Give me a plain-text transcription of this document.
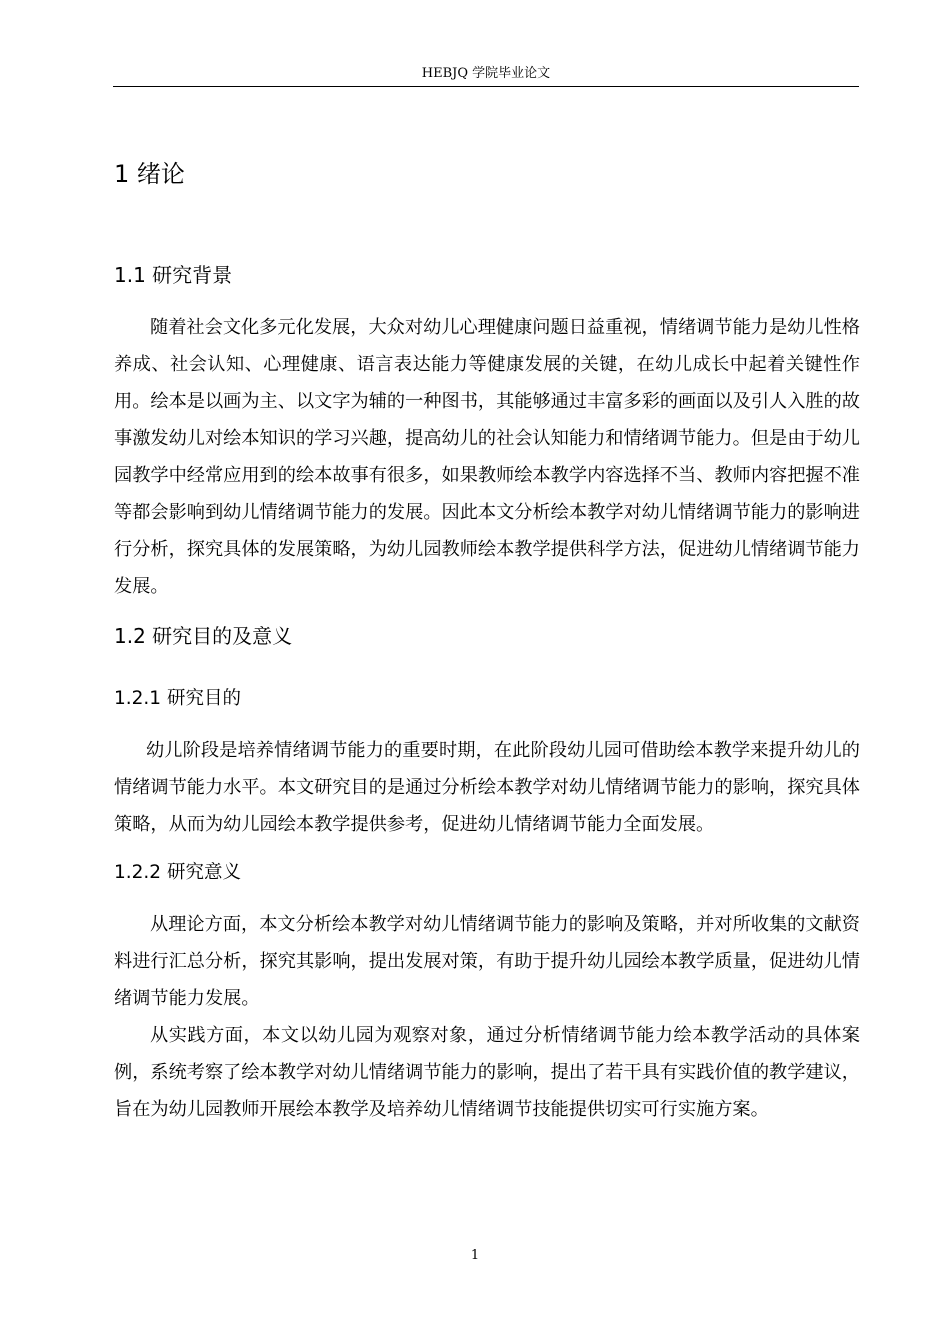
HEBJQ 学院毕业论文
1 绪论
1.1 研究背景

随着社会文化多元化发展，大众对幼儿心理健康问题日益重视，情绪调节能力是幼儿性格养成、社会认知、心理健康、语言表达能力等健康发展的关键，在幼儿成长中起着关键性作用。绘本是以画为主、以文字为辅的一种图书，其能够通过丰富多彩的画面以及引人入胜的故事激发幼儿对绘本知识的学习兴趣，提高幼儿的社会认知能力和情绪调节能力。但是由于幼儿园教学中经常应用到的绘本故事有很多，如果教师绘本教学内容选择不当、教师内容把握不准等都会影响到幼儿情绪调节能力的发展。因此本文分析绘本教学对幼儿情绪调节能力的影响进行分析，探究具体的发展策略，为幼儿园教师绘本教学提供科学方法，促进幼儿情绪调节能力发展。

1.2 研究目的及意义
1.2.1 研究目的

幼儿阶段是培养情绪调节能力的重要时期，在此阶段幼儿园可借助绘本教学来提升幼儿的情绪调节能力水平。本文研究目的是通过分析绘本教学对幼儿情绪调节能力的影响，探究具体策略，从而为幼儿园绘本教学提供参考，促进幼儿情绪调节能力全面发展。

1.2.2 研究意义

从理论方面，本文分析绘本教学对幼儿情绪调节能力的影响及策略，并对所收集的文献资料进行汇总分析，探究其影响，提出发展对策，有助于提升幼儿园绘本教学质量，促进幼儿情绪调节能力发展。

从实践方面，本文以幼儿园为观察对象，通过分析情绪调节能力绘本教学活动的具体案例，系统考察了绘本教学对幼儿情绪调节能力的影响，提出了若干具有实践价值的教学建议，旨在为幼儿园教师开展绘本教学及培养幼儿情绪调节技能提供切实可行实施方案。

1
